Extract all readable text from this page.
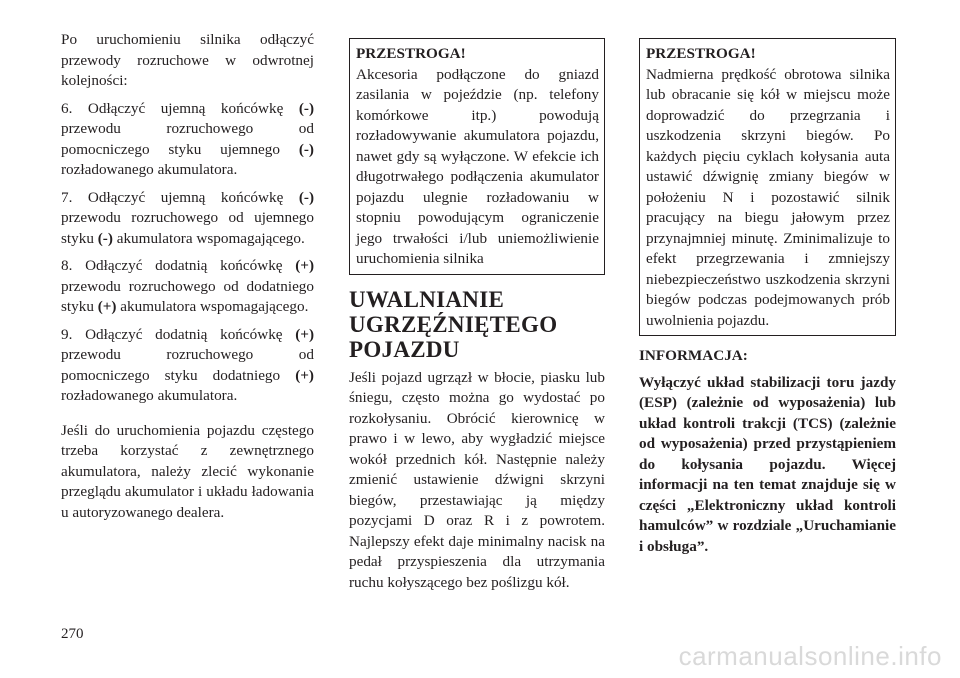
Po uruchomieniu silnika odłączyć przewody rozruchowe w odwrotnej kolejności:

6. Odłączyć ujemną końcówkę (-) przewodu rozruchowego od pomocniczego styku ujemnego (-) rozładowanego akumulatora.

7. Odłączyć ujemną końcówkę (-) przewodu rozruchowego od ujemnego styku (-) akumulatora wspomagającego.

8. Odłączyć dodatnią końcówkę (+) przewodu rozruchowego od dodatniego styku (+) akumulatora wspomagającego.

9. Odłączyć dodatnią końcówkę (+) przewodu rozruchowego od pomocniczego styku dodatniego (+) rozładowanego akumulatora.

Jeśli do uruchomienia pojazdu częstego trzeba korzystać z zewnętrznego akumulatora, należy zlecić wykonanie przeglądu akumulator i układu ładowania u autoryzowanego dealera.

PRZESTROGA!

Akcesoria podłączone do gniazd zasilania w pojeździe (np. telefony komórkowe itp.) powodują rozładowywanie akumulatora pojazdu, nawet gdy są wyłączone. W efekcie ich długotrwałego podłączenia akumulator pojazdu ulegnie rozładowaniu w stopniu powodującym ograniczenie jego trwałości i/lub uniemożliwienie uruchomienia silnika

UWALNIANIE
UGRZĘŹNIĘTEGO
POJAZDU

Jeśli pojazd ugrzązł w błocie, piasku lub śniegu, często można go wydostać po rozkołysaniu. Obrócić kierownicę w prawo i w lewo, aby wygładzić miejsce wokół przednich kół. Następnie należy zmienić ustawienie dźwigni skrzyni biegów, przestawiając ją między pozycjami D oraz R i z powrotem. Najlepszy efekt daje minimalny nacisk na pedał przyspieszenia dla utrzymania ruchu kołyszącego bez poślizgu kół.

PRZESTROGA!

Nadmierna prędkość obrotowa silnika lub obracanie się kół w miejscu może doprowadzić do przegrzania i uszkodzenia skrzyni biegów. Po każdych pięciu cyklach kołysania auta ustawić dźwignię zmiany biegów w położeniu N i pozostawić silnik pracujący na biegu jałowym przez przynajmniej minutę. Zminimalizuje to efekt przegrzewania i zmniejszy niebezpieczeństwo uszkodzenia skrzyni biegów podczas podejmowanych prób uwolnienia pojazdu.

INFORMACJA:

Wyłączyć układ stabilizacji toru jazdy (ESP) (zależnie od wyposażenia) lub układ kontroli trakcji (TCS) (zależnie od wyposażenia) przed przystąpieniem do kołysania pojazdu. Więcej informacji na ten temat znajduje się w części „Elektroniczny układ kontroli hamulców” w rozdziale „Uruchamianie i obsługa”.

270
carmanualsonline.info
